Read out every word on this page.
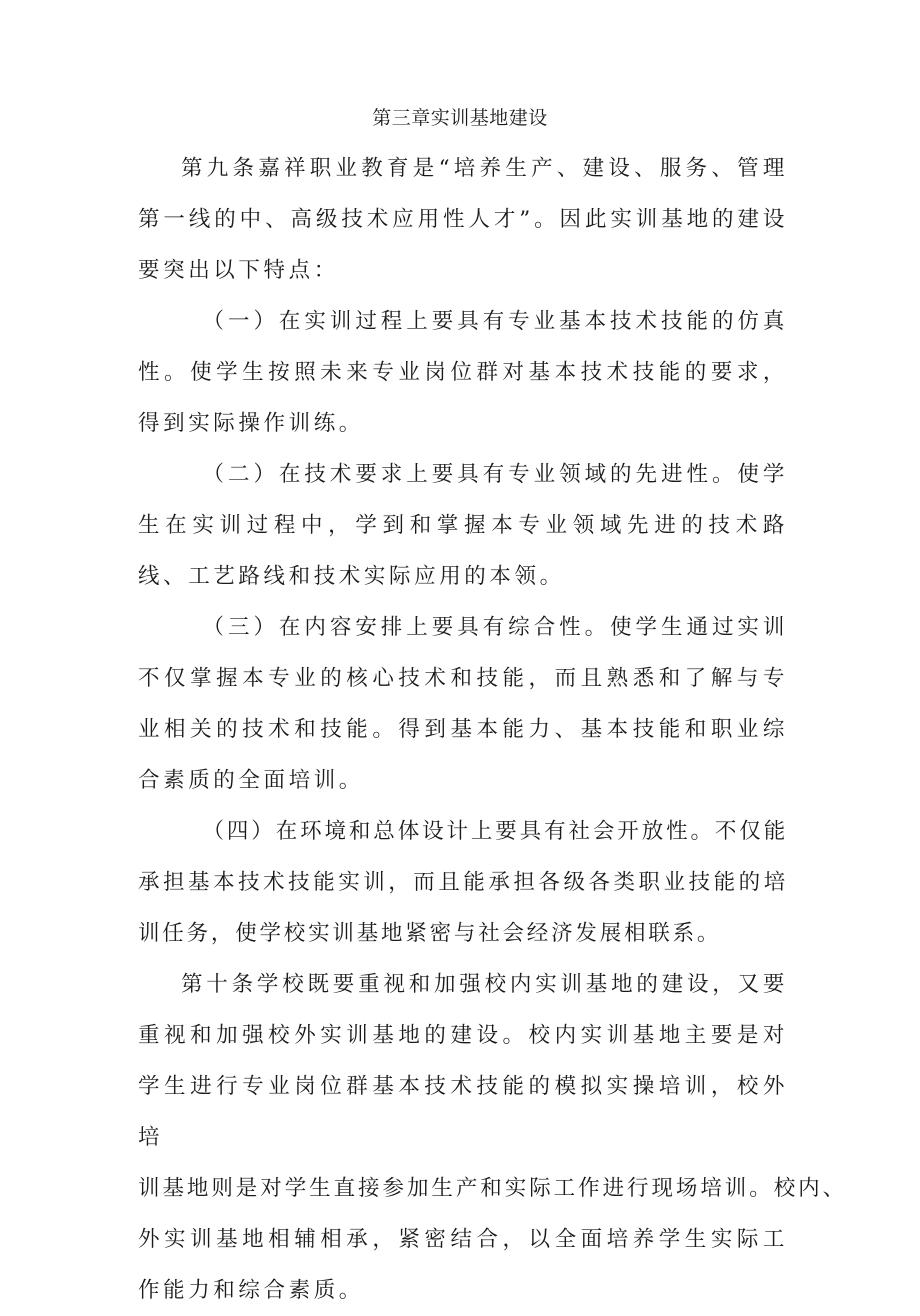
第三章实训基地建设

第九条嘉祥职业教育是“培养生产、建设、服务、管理第一线的中、高级技术应用性人才”。因此实训基地的建设要突出以下特点：

（一）在实训过程上要具有专业基本技术技能的仿真性。使学生按照未来专业岗位群对基本技术技能的要求，得到实际操作训练。

（二）在技术要求上要具有专业领域的先进性。使学生在实训过程中，学到和掌握本专业领域先进的技术路线、工艺路线和技术实际应用的本领。

（三）在内容安排上要具有综合性。使学生通过实训不仅掌握本专业的核心技术和技能，而且熟悉和了解与专业相关的技术和技能。得到基本能力、基本技能和职业综合素质的全面培训。

（四）在环境和总体设计上要具有社会开放性。不仅能承担基本技术技能实训，而且能承担各级各类职业技能的培训任务，使学校实训基地紧密与社会经济发展相联系。

第十条学校既要重视和加强校内实训基地的建设，又要重视和加强校外实训基地的建设。校内实训基地主要是对学生进行专业岗位群基本技术技能的模拟实操培训，校外培

训基地则是对学生直接参加生产和实际工作进行现场培训。校内、

外实训基地相辅相承，紧密结合，以全面培养学生实际工作能力和综合素质。
